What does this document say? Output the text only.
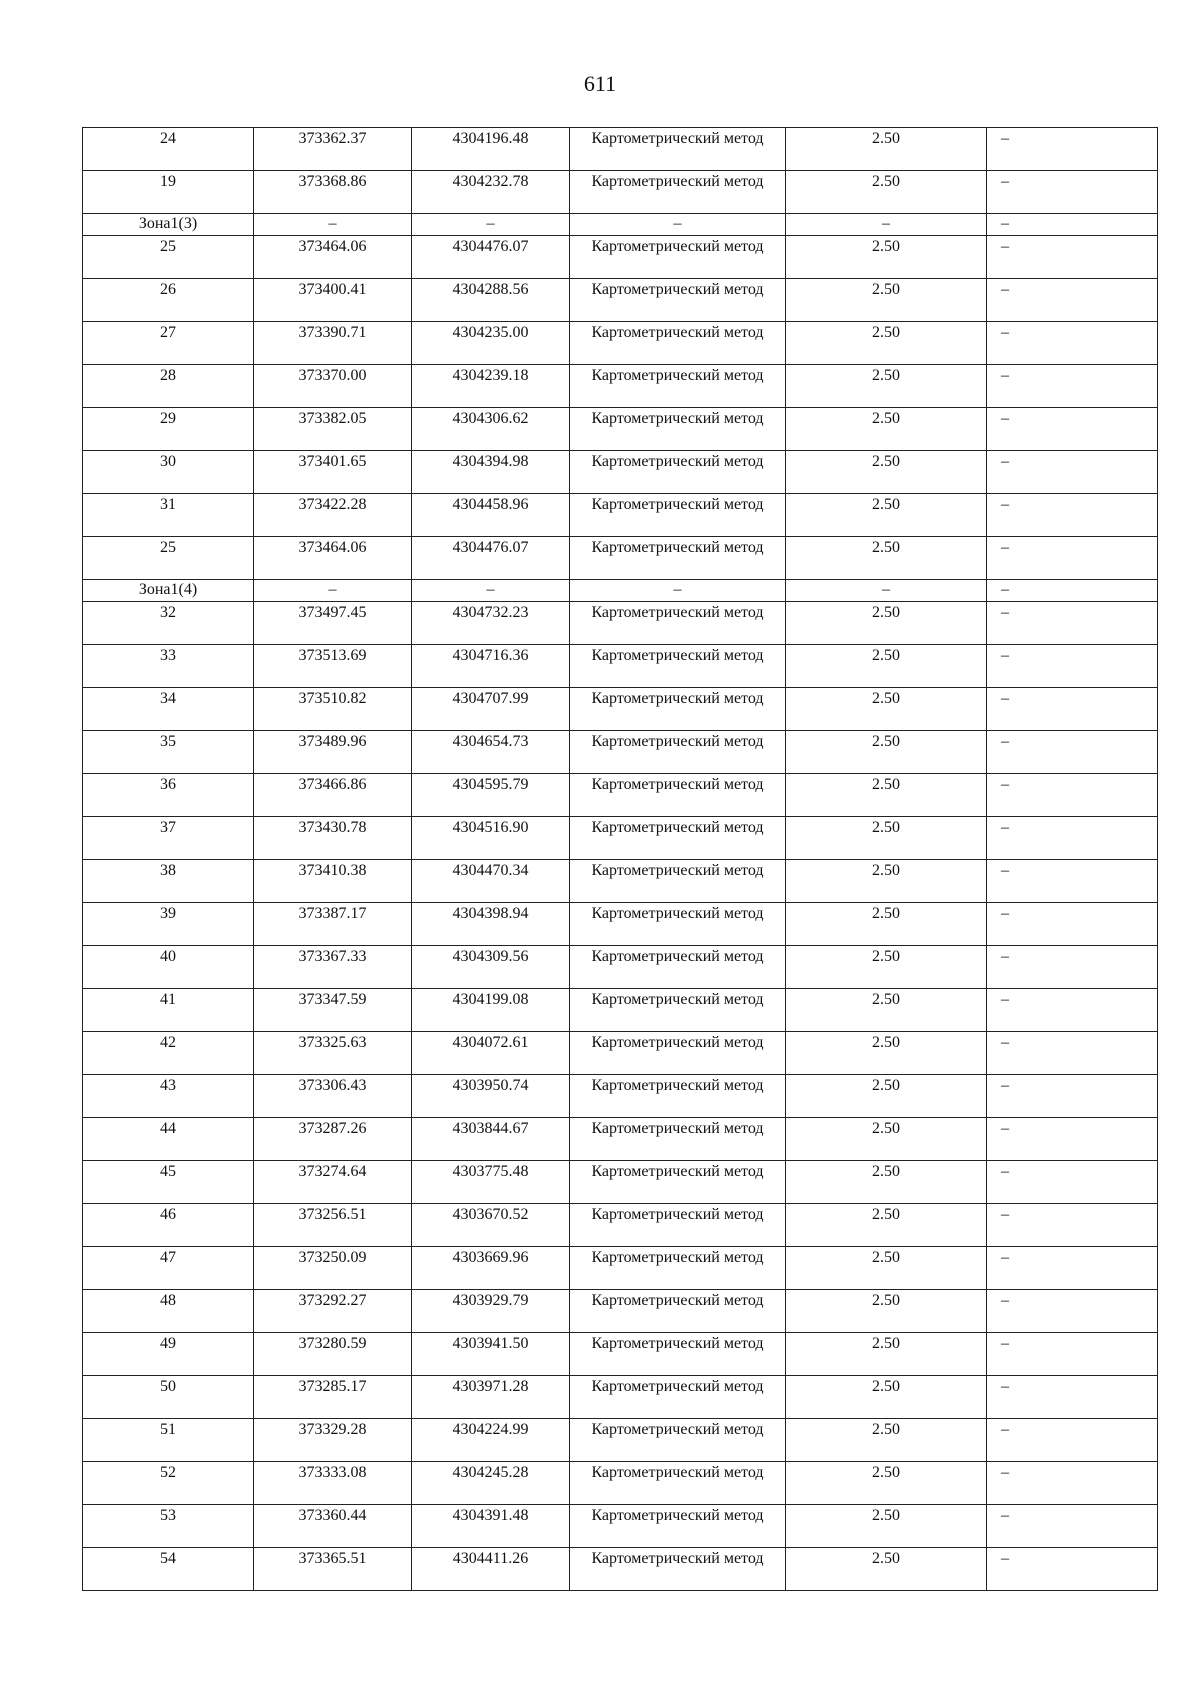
611
24	373362.37	4304196.48	Картометрический метод	2.50	–
19	373368.86	4304232.78	Картометрический метод	2.50	–
Зона1(3)	–	–	–	–	–
25	373464.06	4304476.07	Картометрический метод	2.50	–
26	373400.41	4304288.56	Картометрический метод	2.50	–
27	373390.71	4304235.00	Картометрический метод	2.50	–
28	373370.00	4304239.18	Картометрический метод	2.50	–
29	373382.05	4304306.62	Картометрический метод	2.50	–
30	373401.65	4304394.98	Картометрический метод	2.50	–
31	373422.28	4304458.96	Картометрический метод	2.50	–
25	373464.06	4304476.07	Картометрический метод	2.50	–
Зона1(4)	–	–	–	–	–
32	373497.45	4304732.23	Картометрический метод	2.50	–
33	373513.69	4304716.36	Картометрический метод	2.50	–
34	373510.82	4304707.99	Картометрический метод	2.50	–
35	373489.96	4304654.73	Картометрический метод	2.50	–
36	373466.86	4304595.79	Картометрический метод	2.50	–
37	373430.78	4304516.90	Картометрический метод	2.50	–
38	373410.38	4304470.34	Картометрический метод	2.50	–
39	373387.17	4304398.94	Картометрический метод	2.50	–
40	373367.33	4304309.56	Картометрический метод	2.50	–
41	373347.59	4304199.08	Картометрический метод	2.50	–
42	373325.63	4304072.61	Картометрический метод	2.50	–
43	373306.43	4303950.74	Картометрический метод	2.50	–
44	373287.26	4303844.67	Картометрический метод	2.50	–
45	373274.64	4303775.48	Картометрический метод	2.50	–
46	373256.51	4303670.52	Картометрический метод	2.50	–
47	373250.09	4303669.96	Картометрический метод	2.50	–
48	373292.27	4303929.79	Картометрический метод	2.50	–
49	373280.59	4303941.50	Картометрический метод	2.50	–
50	373285.17	4303971.28	Картометрический метод	2.50	–
51	373329.28	4304224.99	Картометрический метод	2.50	–
52	373333.08	4304245.28	Картометрический метод	2.50	–
53	373360.44	4304391.48	Картометрический метод	2.50	–
54	373365.51	4304411.26	Картометрический метод	2.50	–
